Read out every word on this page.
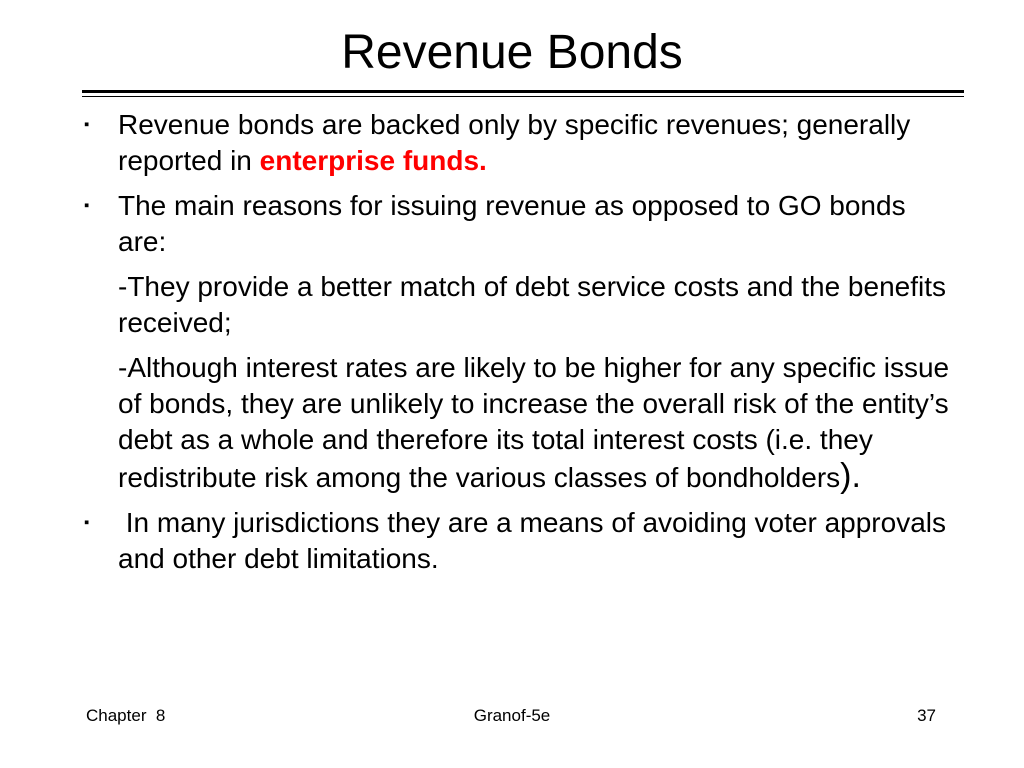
Revenue Bonds
▪	Revenue bonds are backed only by specific revenues; generally reported in enterprise funds.
▪	The main reasons for issuing revenue as opposed to GO bonds are:
-They provide a better match of debt service costs and the benefits received;
-Although interest rates are likely to be higher for any specific issue of bonds, they are unlikely to increase the overall risk of the entity’s debt as a whole and therefore its total interest costs (i.e. they redistribute risk among the various classes of bondholders).
▪	In many jurisdictions they are a means of avoiding voter approvals and other debt limitations.
Chapter  8	Granof-5e	37
